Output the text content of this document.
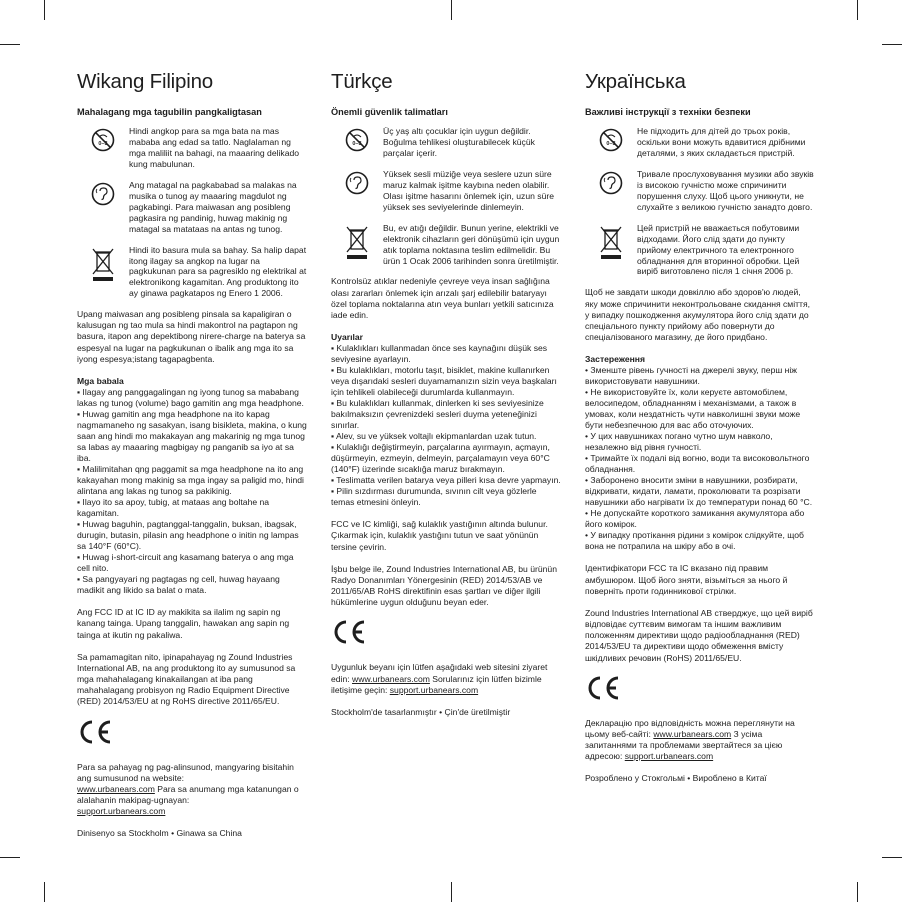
Wikang Filipino
Mahalagang mga tagubilin pangkaligtasan
0–3
Hindi angkop para sa mga bata na mas mababa ang edad sa tatlo. Naglalaman ng mga maliliit na bahagi, na maaaring delikado kung mabulunan.
Ang matagal na pagkababad sa malakas na musika o tunog ay maaaring magdulot ng pagkabingi. Para maiwasan ang posibleng pagkasira ng pandinig, huwag makinig ng matagal sa matataas na antas ng tunog.
Hindi ito basura mula sa bahay. Sa halip dapat itong ilagay sa angkop na lugar na pagkukunan para sa pagresiklo ng elektrikal at elektronikong kagamitan. Ang produktong ito ay ginawa pagkatapos ng Enero 1 2006.

Upang maiwasan ang posibleng pinsala sa kapaligiran o kalusugan ng tao mula sa hindi makontrol na pagtapon ng basura, itapon ang depektibong nirere-charge na baterya sa espesyal na lugar na pagkukunan o ibalik ang mga ito sa iyong espesya;istang tagapagbenta.

Mga babala
▪ Ilagay ang panggagalingan ng iyong tunog sa mababang lakas ng tunog (volume) bago gamitin ang mga headphone.
▪ Huwag gamitin ang mga headphone na ito kapag nagmamaneho ng sasakyan, isang bisikleta, makina, o kung saan ang hindi mo makakayan ang makarinig ng mga tunog sa labas ay maaaring magbigay ng panganib sa iyo at sa iba.
▪ Malilimitahan qng paggamit sa mga headphone na ito ang kakayahan mong makinig sa mga ingay sa paligid mo, hindi alintana ang lakas ng tunog sa pakikinig.
▪ Ilayo ito sa apoy, tubig, at mataas ang boltahe na kagamitan.
▪ Huwag baguhin, pagtanggal-tanggalin, buksan, ibagsak, durugin, butasin, pilasin ang headphone o initin ng lampas sa 140°F (60°C).
▪ Huwag i-short-circuit ang kasamang baterya o ang mga cell nito.
▪ Sa pangyayari ng pagtagas ng cell, huwag hayaang madikit ang likido sa balat o mata.

Ang FCC ID at IC ID ay makikita sa ilalim ng sapin ng kanang tainga. Upang tanggalin, hawakan ang sapin ng tainga at ikutin ng pakaliwa.

Sa pamamagitan nito, ipinapahayag ng Zound Industries International AB, na ang produktong ito ay sumusunod sa mga mahahalagang kinakailangan at iba pang mahahalagang probisyon ng Radio Equipment Directive (RED) 2014/53/EU at ng RoHS directive 2011/65/EU.

Para sa pahayag ng pag-alinsunod, mangyaring bisitahin ang sumusunod na website:
www.urbanears.com Para sa anumang mga katanungan o alalahanin makipag-ugnayan:
support.urbanears.com

Dinisenyo sa Stockholm • Ginawa sa China

Türkçe
Önemli güvenlik talimatları
0–3
Üç yaş altı çocuklar için uygun değildir. Boğulma tehlikesi oluşturabilecek küçük parçalar içerir.
Yüksek sesli müziğe veya seslere uzun süre maruz kalmak işitme kaybına neden olabilir. Olası işitme hasarını önlemek için, uzun süre yüksek ses seviyelerinde dinlemeyin.
Bu, ev atığı değildir. Bunun yerine, elektrikli ve elektronik cihazların geri dönüşümü için uygun atık toplama noktasına teslim edilmelidir. Bu ürün 1 Ocak 2006 tarihinden sonra üretilmiştir.

Kontrolsüz atıklar nedeniyle çevreye veya insan sağlığına olası zararları önlemek için arızalı şarj edilebilir bataryayı özel toplama noktalarına atın veya bunları yetkili satıcınıza iade edin.

Uyarılar
▪ Kulaklıkları kullanmadan önce ses kaynağını düşük ses seviyesine ayarlayın.
▪ Bu kulaklıkları, motorlu taşıt, bisiklet, makine kullanırken veya dışarıdaki sesleri duyamamanızın sizin veya başkaları için tehlikeli olabileceği durumlarda kullanmayın.
▪ Bu kulaklıkları kullanmak, dinlerken ki ses seviyesinize bakılmaksızın çevrenizdeki sesleri duyma yeteneğinizi sınırlar.
▪ Alev, su ve yüksek voltajlı ekipmanlardan uzak tutun.
▪ Kulaklığı değiştirmeyin, parçalarına ayırmayın, açmayın, düşürmeyin, ezmeyin, delmeyin, parçalamayın veya 60°C (140°F) üzerinde sıcaklığa maruz bırakmayın.
▪ Teslimatta verilen batarya veya pilleri kısa devre yapmayın.
▪ Pilin sızdırması durumunda, sıvının cilt veya gözlerle temas etmesini önleyin.

FCC ve IC kimliği, sağ kulaklık yastığının altında bulunur. Çıkarmak için, kulaklık yastığını tutun ve saat yönünün tersine çevirin.

İşbu belge ile, Zound Industries International AB, bu ürünün Radyo Donanımları Yönergesinin (RED) 2014/53/AB ve 2011/65/AB RoHS direktifinin esas şartları ve diğer ilgili hükümlerine uygun olduğunu beyan eder.

Uygunluk beyanı için lütfen aşağıdaki web sitesini ziyaret edin: www.urbanears.com Sorularınız için lütfen bizimle iletişime geçin: support.urbanears.com

Stockholm'de tasarlanmıştır • Çin'de üretilmiştir

Українська
Важливі інструкції з техніки безпеки
0–3
Не підходить для дітей до трьох років, оскільки вони можуть вдавитися дрібними деталями, з яких складається пристрій.
Тривале прослуховування музики або звуків із високою гучністю може спричинити порушення слуху. Щоб цього уникнути, не слухайте з великою гучністю занадто довго.
Цей пристрій не вважається побутовими відходами. Його слід здати до пункту прийому електричного та електронного обладнання для вторинної обробки. Цей виріб виготовлено після 1 січня 2006 р.

Щоб не завдати шкоди довкіллю або здоров'ю людей, яку може спричинити неконтрольоване скидання сміття, у випадку пошкодження акумулятора його слід здати до спеціального пункту прийому або повернути до спеціалізованого магазину, де його придбано.

Застереження
• Зменште рівень гучності на джерелі звуку, перш ніж використовувати навушники.
• Не використовуйте їх, коли керуєте автомобілем, велосипедом, обладнанням і механізмами, а також в умовах, коли нездатність чути навколишні звуки може бути небезпечною для вас або оточуючих.
• У цих навушниках погано чутно шум навколо, незалежно від рівня гучності.
• Тримайте їх подалі від вогню, води та високовольтного обладнання.
• Заборонено вносити зміни в навушники, розбирати, відкривати, кидати, ламати, проколювати та розрізати навушники або нагрівати їх до температури понад 60 °С.
• Не допускайте короткого замикання акумулятора або його комірок.
• У випадку протікання рідини з комірок слідкуйте, щоб вона не потрапила на шкіру або в очі.

Ідентифікатори FCC та IC вказано під правим амбушюром. Щоб його зняти, візьміться за нього й поверніть проти годинникової стрілки.

Zound Industries International AB стверджує, що цей виріб відповідає суттєвим вимогам та іншим важливим положенням директиви щодо радіообладнання (RED) 2014/53/EU та директиви щодо обмеження вмісту шкідливих речовин (RoHS) 2011/65/EU.

Декларацію про відповідність можна переглянути на цьому веб-сайті: www.urbanears.com З усіма запитаннями та проблемами звертайтеся за цією адресою: support.urbanears.com

Розроблено у Стокгольмі • Вироблено в Китаї
